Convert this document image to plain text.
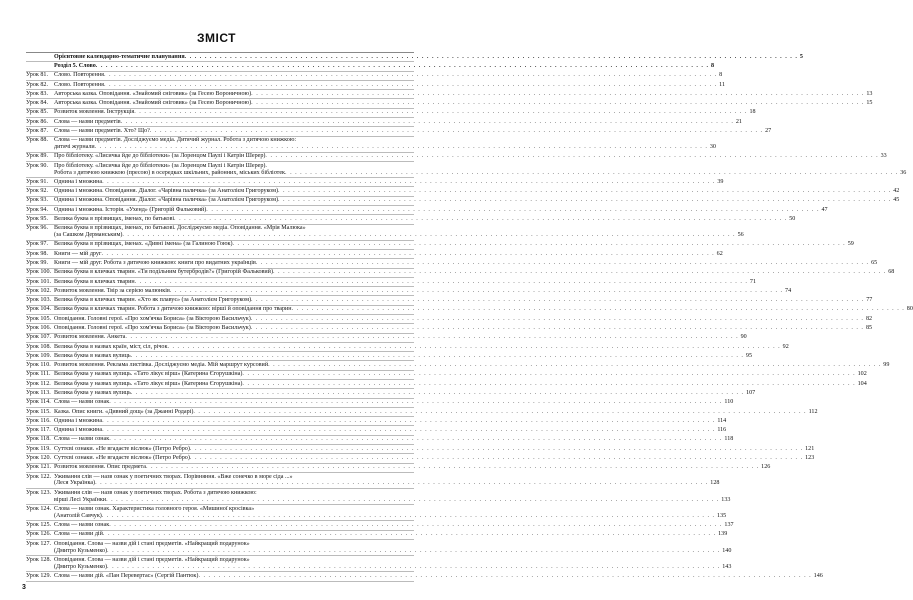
ЗМІСТ
Орієнтовне календарно-тематичне планування . . .	5
Розділ 5. Слово . . .	8
Урок 81. Слово. Повторення . . .	8
Урок 82. Слово. Повторення . . .	11
Урок 83. Авторська казка. Оповідання. «Знайомий сніговик» (за Гесею Вороничною) . . .	13
Урок 84. Авторська казка. Оповідання. «Знайомий сніговик» (за Гесею Вороничною) . . .	15
Урок 85. Розвиток мовлення. Інструкція . . .	18
Урок 86. Слова — назви предметів . . .	21
Урок 87. Слова — назви предметів. Хто? Що? . . .	27
Урок 88. Слова — назви предметів. Досліджуємо медіа. Дитячий журнал. Робота з дитячою книжкою:
дитячі журнали . . .	30
Урок 89. Про бібліотеку. «Лисичка йде до бібліотеки» (за Лоренцом Паулі і Катрін Шерер) . . .	33
Урок 90. Про бібліотеку. «Лисичка йде до бібліотеки» (за Лоренцом Паулі і Катрін Шерер).
Робота з дитячою книжкою (пресою) в осередках шкільних, районних, міських бібліотек . . .	36
Урок 91. Однина і множина . . .	39
Урок 92. Однина і множина. Оповідання. Діалог. «Чарівна паличка» (за Анатолієм Григоруком) . . .	42
Урок 93. Однина і множина. Оповідання. Діалог. «Чарівна паличка» (за Анатолієм Григоруком) . . .	45
Урок 94. Однина і множина. Історія. «Ухенд» (Григорій Фальковий) . . .	47
Урок 95. Велика буква в прізвищах, іменах, по батькові . . .	50
Урок 96. Велика буква в прізвищах, іменах, по батькові. Досліджуємо медіа. Оповідання. «Мрія Малюка»
(за Сашком Дерманським) . . .	56
Урок 97. Велика буква в прізвищах, іменах. «Дивні імена» (за Галиною Гоюк) . . .	59
Урок 98. Книги — мій друг . . .	62
Урок 99. Книги — мій друг. Робота з дитячою книжкою: книги про видатних українців . . .	65
Урок 100. Велика буква в кличках тварин. «Ти подільним бутербродів?» (Григорій Фальковий) . . .	68
Урок 101. Велика буква в кличках тварин . . .	71
Урок 102. Розвиток мовлення. Твір за серією малюнків . . .	74
Урок 103. Велика буква в кличках тварин. «Хто як плавує» (за Анатолієм Григоруком) . . .	77
Урок 104. Велика буква в кличках тварин. Робота з дитячою книжкою: вірші й оповідання про тварин . . .	80
Урок 105. Оповідання. Головні герої. «Про хом'ячка Бориса» (за Вікторою Васильчук) . . .	82
Урок 106. Оповідання. Головні герої. «Про хом'ячка Бориса» (за Вікторою Васильчук) . . .	85
Урок 107. Розвиток мовлення. Анкета . . .	90
Урок 108. Велика буква в назвах країн, міст, сіл, річок . . .	92
Урок 109. Велика буква в назвах вулиць . . .	95
Урок 110. Розвиток мовлення. Реклама листівка. Досліджуємо медіа. Мій маршрут курсовий . . .	99
Урок 111. Велика буква у назвах вулиць. «Тато лікує вірш» (Катерина Єгорушкіна) . . .	102
Урок 112. Велика буква у назвах вулиць. «Тато лікує вірш» (Катерина Єгорушкіна) . . .	104
Урок 113. Велика буква у назвах вулиць . . .	107
Урок 114. Слова — назви ознак . . .	110
Урок 115. Казка. Опис книги. «Дивний дощ» (за Джанні Родарі) . . .	112
Урок 116. Однина і множина . . .	114
Урок 117. Однина і множина . . .	116
Урок 118. Слова — назви ознак . . .	118
Урок 119. Суттєві ознаки. «Не вгадаєте віслюк» (Петро Ребро) . . .	121
Урок 120. Суттєві ознаки. «Не вгадаєте віслюк» (Петро Ребро) . . .	123
Урок 121. Розвиток мовлення. Опис предмета . . .	126
Урок 122. Уживання слів — назв ознак у поетичних творах. Порівняння. «Вже сонечко в море сіда ...»
(Леся Українка) . . .	128
Урок 123. Уживання слів — назв ознак у поетичних творах. Робота з дитячою книжкою:
вірші Лесі Українки . . .	133
Урок 124. Слова — назви ознак. Характеристика головного героя. «Мишиної кросівка»
(Анатолій Савчук) . . .	135
Урок 125. Слова — назви ознак . . .	137
Урок 126. Слова — назви дій . . .	139
Урок 127. Оповідання. Слова — назви дій і стані предметів. «Найкращий подарунок»
(Дмитро Кузьменко) . . .	140
Урок 128. Оповідання. Слова — назви дій і стані предметів. «Найкращий подарунок»
(Дмитро Кузьменко) . . .	143
Урок 129. Слова — назви дій. «Пан Перевертас» (Сергій Пантюк) . . .	146
3
